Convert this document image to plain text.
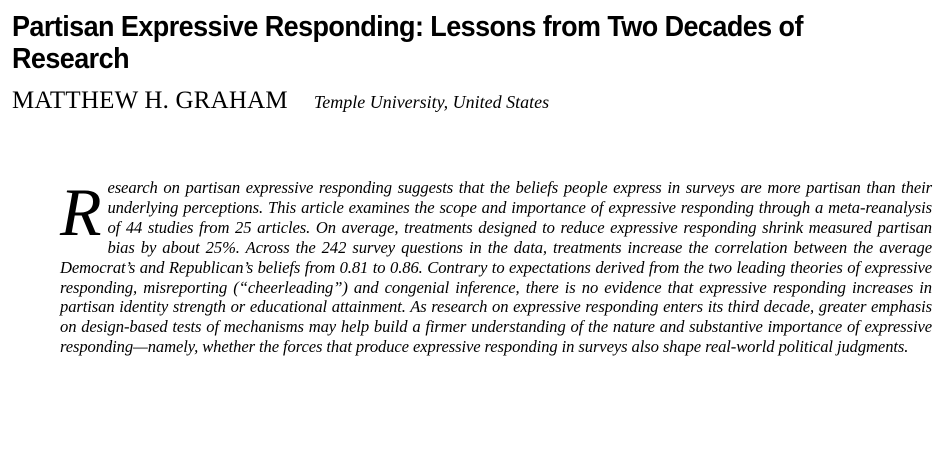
Partisan Expressive Responding: Lessons from Two Decades of Research
MATTHEW H. GRAHAM Temple University, United States

R esearch on partisan expressive responding suggests that the beliefs people express in surveys are more partisan than their underlying perceptions. This article examines the scope and importance of expressive responding through a meta-reanalysis of 44 studies from 25 articles. On average, treatments designed to reduce expressive responding shrink measured partisan bias by about 25%. Across the 242 survey questions in the data, treatments increase the correlation between the average Democrat’s and Republican’s beliefs from 0.81 to 0.86. Contrary to expectations derived from the two leading theories of expressive responding, misreporting (“cheerleading”) and congenial inference, there is no evidence that expressive responding increases in partisan identity strength or educational attainment. As research on expressive responding enters its third decade, greater emphasis on design-based tests of mechanisms may help build a firmer understanding of the nature and substantive importance of expressive responding—namely, whether the forces that produce expressive responding in surveys also shape real-world political judgments.
